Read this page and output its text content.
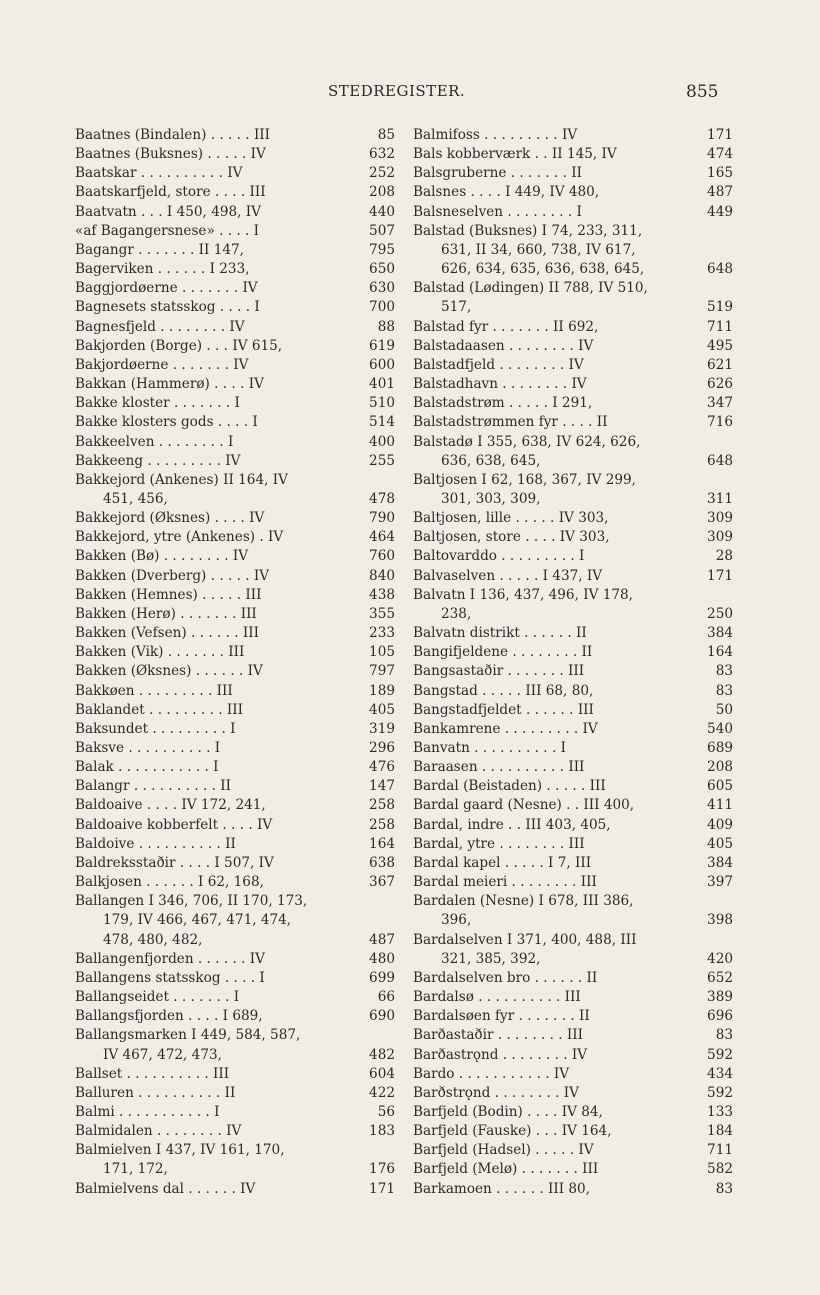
STEDREGISTER.	855
85
Baatnes (Bindalen) . . . . . III
632
Baatnes (Buksnes) . . . . . IV
252
Baatskar . . . . . . . . . . IV
208
Baatskarfjeld, store . . . . III
440
Baatvatn . . . I 450, 498, IV
507
«af Bagangersnese» . . . . I
795
Bagangr . . . . . . . II 147,
650
Bagerviken . . . . . . I 233,
630
Baggjordøerne . . . . . . . IV
700
Bagnesets statsskog . . . . I
88
Bagnesfjeld . . . . . . . . IV
619
Bakjorden (Borge) . . . IV 615,
600
Bakjordøerne . . . . . . . IV
401
Bakkan (Hammerø) . . . . IV
510
Bakke kloster . . . . . . . I
514
Bakke klosters gods . . . . I
400
Bakkeelven . . . . . . . . I
255
Bakkeeng . . . . . . . . . IV
Bakkejord (Ankenes) II 164, IV
478
451, 456,
790
Bakkejord (Øksnes) . . . . IV
464
Bakkejord, ytre (Ankenes) . IV
760
Bakken (Bø) . . . . . . . . IV
840
Bakken (Dverberg) . . . . . IV
438
Bakken (Hemnes) . . . . . III
355
Bakken (Herø) . . . . . . . III
233
Bakken (Vefsen) . . . . . . III
105
Bakken (Vik) . . . . . . . III
797
Bakken (Øksnes) . . . . . . IV
189
Bakkøen . . . . . . . . . III
405
Baklandet . . . . . . . . . III
319
Baksundet . . . . . . . . . I
296
Baksve . . . . . . . . . . I
476
Balak . . . . . . . . . . . I
147
Balangr . . . . . . . . . . II
258
Baldoaive . . . . IV 172, 241,
258
Baldoaive kobberfelt . . . . IV
164
Baldoive . . . . . . . . . . II
638
Baldreksstaðir . . . . I 507, IV
367
Balkjosen . . . . . . I 62, 168,
Ballangen I 346, 706, II 170, 173,
179, IV 466, 467, 471, 474,
487
478, 480, 482,
480
Ballangenfjorden . . . . . . IV
699
Ballangens statsskog . . . . I
66
Ballangseidet . . . . . . . I
690
Ballangsfjorden . . . . I 689,
Ballangsmarken I 449, 584, 587,
482
IV 467, 472, 473,
604
Ballset . . . . . . . . . . III
422
Balluren . . . . . . . . . . II
56
Balmi . . . . . . . . . . . I
183
Balmidalen . . . . . . . . IV
Balmielven I 437, IV 161, 170,
176
171, 172,
171
Balmielvens dal . . . . . . IV
171
Balmifoss . . . . . . . . . IV
474
Bals kobberværk . . II 145, IV
165
Balsgruberne . . . . . . . II
487
Balsnes . . . . I 449, IV 480,
449
Balsneselven . . . . . . . . I
Balstad (Buksnes) I 74, 233, 311,
631, II 34, 660, 738, IV 617,
648
626, 634, 635, 636, 638, 645,
Balstad (Lødingen) II 788, IV 510,
519
517,
711
Balstad fyr . . . . . . . II 692,
495
Balstadaasen . . . . . . . . IV
621
Balstadfjeld . . . . . . . . IV
626
Balstadhavn . . . . . . . . IV
347
Balstadstrøm . . . . . I 291,
716
Balstadstrømmen fyr . . . . II
Balstadø I 355, 638, IV 624, 626,
648
636, 638, 645,
Baltjosen I 62, 168, 367, IV 299,
311
301, 303, 309,
309
Baltjosen, lille . . . . . IV 303,
309
Baltjosen, store . . . . IV 303,
28
Baltovarddo . . . . . . . . . I
171
Balvaselven . . . . . I 437, IV
Balvatn I 136, 437, 496, IV 178,
250
238,
384
Balvatn distrikt . . . . . . II
164
Bangifjeldene . . . . . . . . II
83
Bangsastaðir . . . . . . . III
83
Bangstad . . . . . III 68, 80,
50
Bangstadfjeldet . . . . . . III
540
Bankamrene . . . . . . . . . IV
689
Banvatn . . . . . . . . . . I
208
Baraasen . . . . . . . . . . III
605
Bardal (Beistaden) . . . . . III
411
Bardal gaard (Nesne) . . III 400,
409
Bardal, indre . . III 403, 405,
405
Bardal, ytre . . . . . . . . III
384
Bardal kapel . . . . . I 7, III
397
Bardal meieri . . . . . . . . III
Bardalen (Nesne) I 678, III 386,
398
396,
Bardalselven I 371, 400, 488, III
420
321, 385, 392,
652
Bardalselven bro . . . . . . II
389
Bardalsø . . . . . . . . . . III
696
Bardalsøen fyr . . . . . . . II
83
Barðastaðir . . . . . . . . III
592
Barðastrǫnd . . . . . . . . IV
434
Bardo . . . . . . . . . . . IV
592
Barðstrǫnd . . . . . . . . IV
133
Barfjeld (Bodin) . . . . IV 84,
184
Barfjeld (Fauske) . . . IV 164,
711
Barfjeld (Hadsel) . . . . . IV
582
Barfjeld (Melø) . . . . . . . III
83
Barkamoen . . . . . . III 80,
